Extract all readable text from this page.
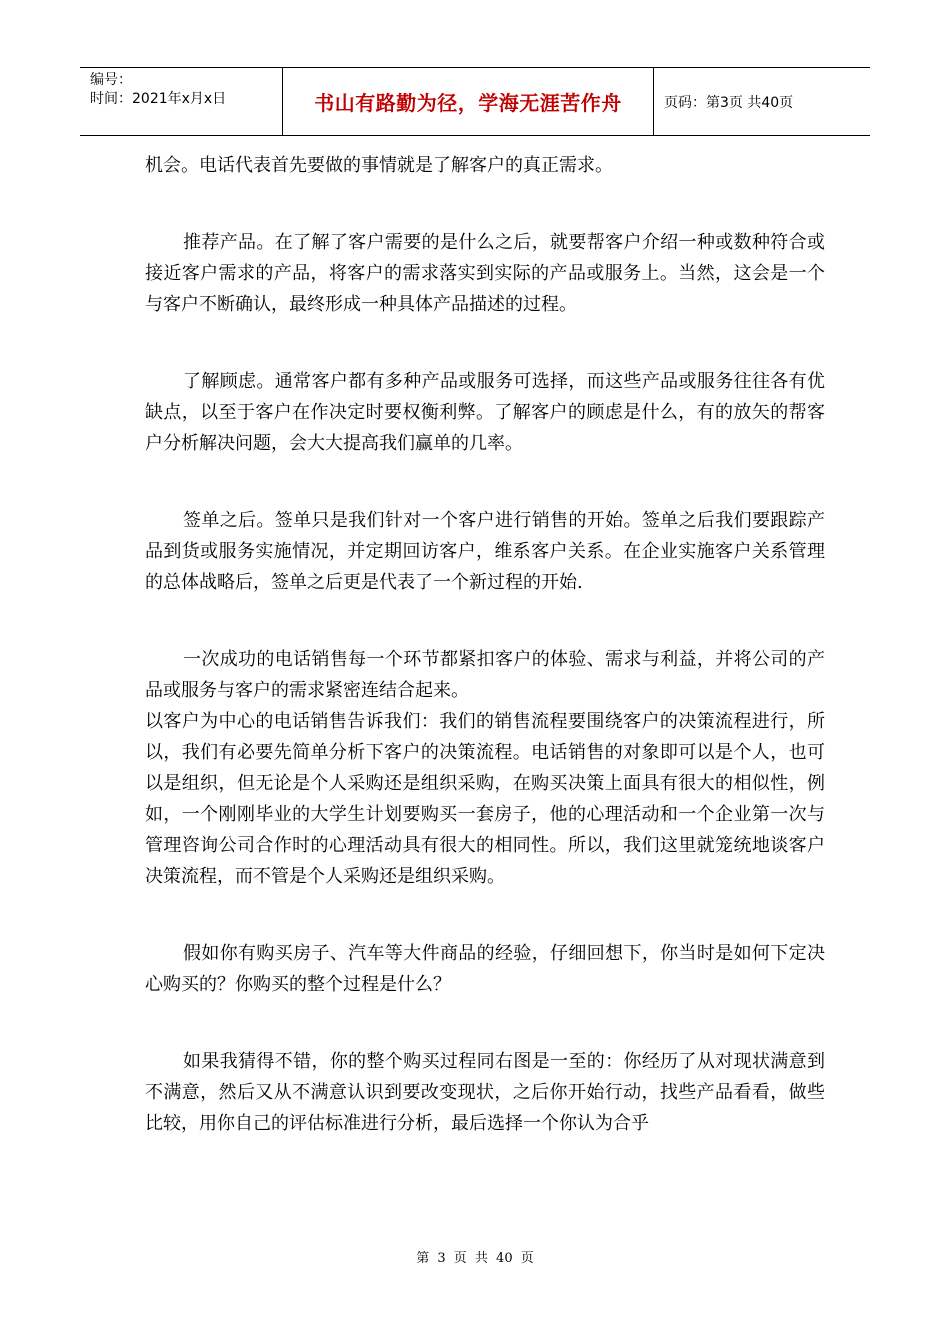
编号：
时间：2021年x月x日	书山有路勤为径，学海无涯苦作舟	页码：第3页 共40页

机会。电话代表首先要做的事情就是了解客户的真正需求。

推荐产品。在了解了客户需要的是什么之后，就要帮客户介绍一种或数种符合或接近客户需求的产品，将客户的需求落实到实际的产品或服务上。当然，这会是一个与客户不断确认，最终形成一种具体产品描述的过程。

了解顾虑。通常客户都有多种产品或服务可选择，而这些产品或服务往往各有优缺点，以至于客户在作决定时要权衡利弊。了解客户的顾虑是什么，有的放矢的帮客户分析解决问题，会大大提高我们赢单的几率。

签单之后。签单只是我们针对一个客户进行销售的开始。签单之后我们要跟踪产品到货或服务实施情况，并定期回访客户，维系客户关系。在企业实施客户关系管理的总体战略后，签单之后更是代表了一个新过程的开始.

一次成功的电话销售每一个环节都紧扣客户的体验、需求与利益，并将公司的产品或服务与客户的需求紧密连结合起来。

以客户为中心的电话销售告诉我们：我们的销售流程要围绕客户的决策流程进行，所以，我们有必要先简单分析下客户的决策流程。电话销售的对象即可以是个人，也可以是组织，但无论是个人采购还是组织采购，在购买决策上面具有很大的相似性，例如，一个刚刚毕业的大学生计划要购买一套房子，他的心理活动和一个企业第一次与管理咨询公司合作时的心理活动具有很大的相同性。所以，我们这里就笼统地谈客户决策流程，而不管是个人采购还是组织采购。

假如你有购买房子、汽车等大件商品的经验，仔细回想下，你当时是如何下定决心购买的？你购买的整个过程是什么？

如果我猜得不错，你的整个购买过程同右图是一至的：你经历了从对现状满意到不满意，然后又从不满意认识到要改变现状，之后你开始行动，找些产品看看，做些比较，用你自己的评估标准进行分析，最后选择一个你认为合乎

第 3 页 共 40 页
